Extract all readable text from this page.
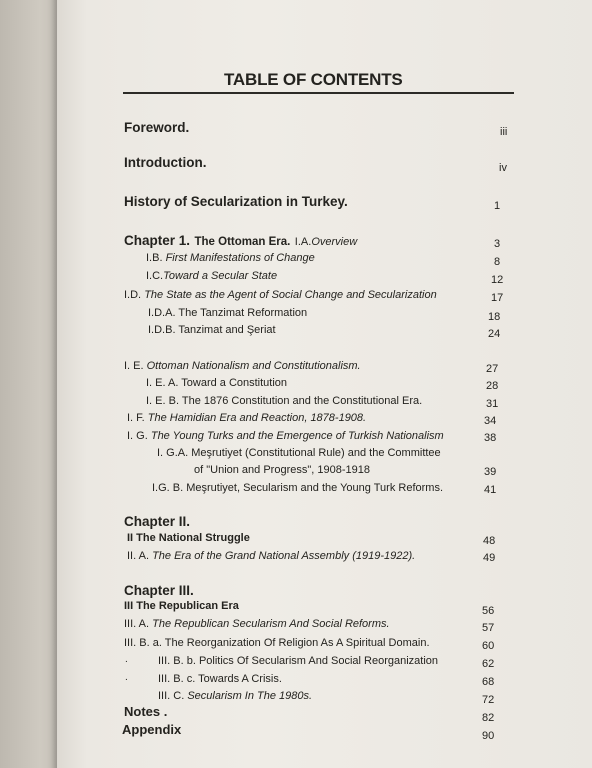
TABLE OF CONTENTS
Foreword.	iii
Introduction.	iv
History of Secularization in Turkey.	1
Chapter 1. The Ottoman Era. I.A.Overview	3
I.B. First Manifestations of Change	8
I.C.Toward a Secular State	12
I.D. The State as the Agent of Social Change and Secularization	17
I.D.A. The Tanzimat Reformation	18
I.D.B. Tanzimat and Şeriat	24
I. E. Ottoman Nationalism and Constitutionalism.	27
I. E. A. Toward a Constitution	28
I. E. B. The 1876 Constitution and the Constitutional Era.	31
I. F. The Hamidian Era and Reaction, 1878-1908.	34
I. G. The Young Turks and the Emergence of Turkish Nationalism	38
I. G.A. Meşrutiyet (Constitutional Rule) and the Committee
of "Union and Progress", 1908-1918	39
I.G. B. Meşrutiyet, Secularism and the Young Turk Reforms.	41
Chapter II.
II The National Struggle	48
II. A. The Era of the Grand National Assembly (1919-1922).	49
Chapter III.
III The Republican Era	56
III. A. The Republican Secularism And Social Reforms.	57
III. B. a. The Reorganization Of Religion As A Spiritual Domain.	60
.	III. B. b. Politics Of Secularism And Social Reorganization	62
.	III. B. c. Towards A Crisis.	68
III. C. Secularism In The 1980s.	72
Notes .	82
Appendix	90
